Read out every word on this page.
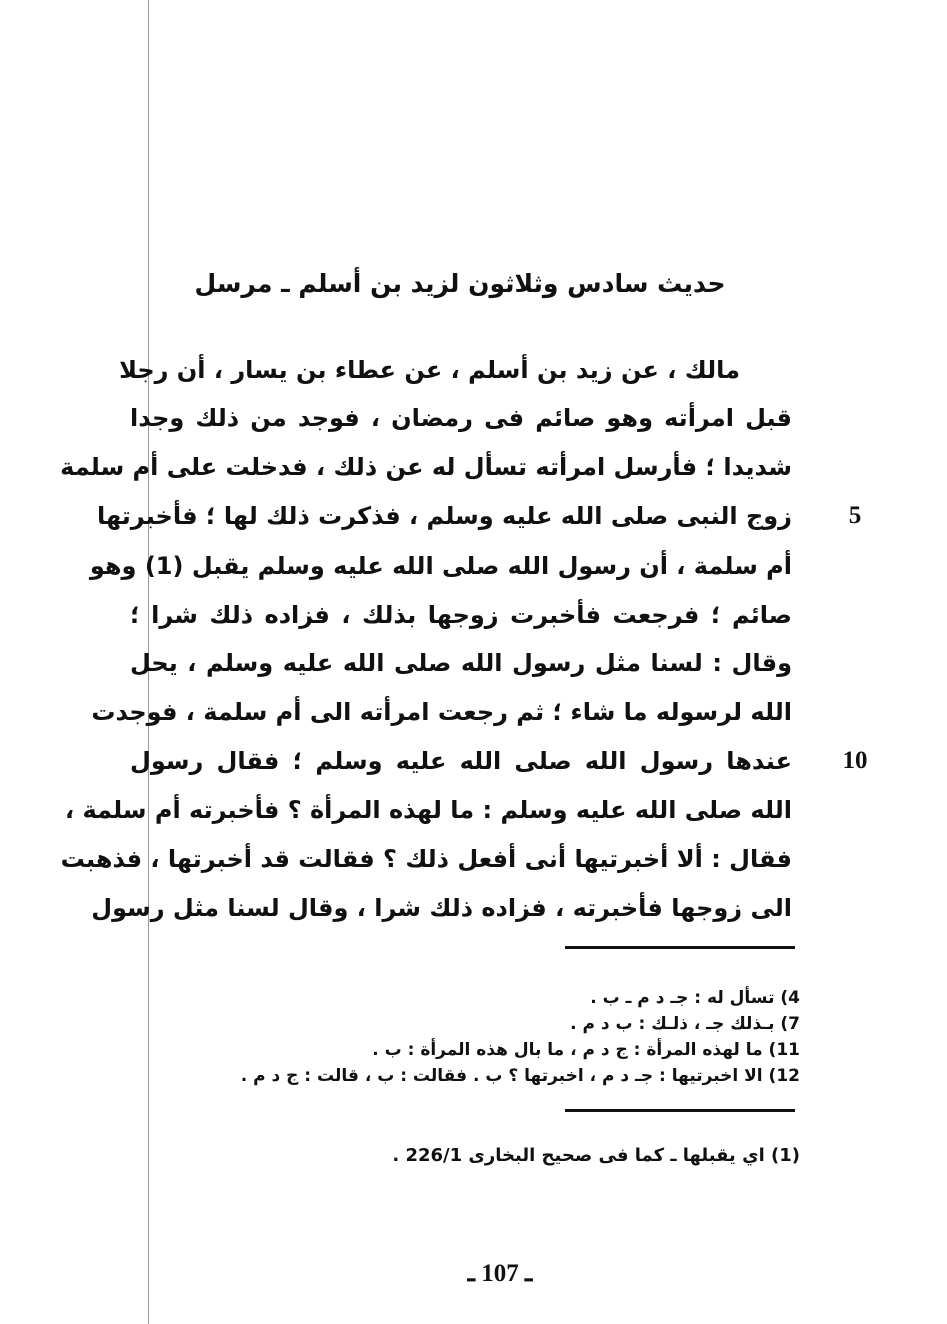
حديث سادس وثلاثون لزيد بن أسلم ـ مرسل
مالك ، عن زيد بن أسلم ، عن عطاء بن يسار ، أن رجلا
قبل امرأته وهو صائم فى رمضان ، فوجد من ذلك وجدا
شديدا ؛ فأرسل امرأته تسأل له عن ذلك ، فدخلت على أم سلمة
زوج النبى صلى الله عليه وسلم ، فذكرت ذلك لها ؛ فأخبرتها
أم سلمة ، أن رسول الله صلى الله عليه وسلم يقبل (1) وهو
صائم ؛ فرجعت فأخبرت زوجها بذلك ، فزاده ذلك شرا ؛
وقال : لسنا مثل رسول الله صلى الله عليه وسلم ، يحل
الله لرسوله ما شاء ؛ ثم رجعت امرأته الى أم سلمة ، فوجدت
عندها رسول الله صلى الله عليه وسلم ؛ فقال رسول
الله صلى الله عليه وسلم : ما لهذه المرأة ؟ فأخبرته أم سلمة ،
فقال : ألا أخبرتيها أنى أفعل ذلك ؟ فقالت قد أخبرتها ، فذهبت
الى زوجها فأخبرته ، فزاده ذلك شرا ، وقال لسنا مثل رسول
5
10
4) تسأل له : جـ د م ـ ب .
7) بـذلك جـ ، ذلـك : ب د م .
11) ما لهذه المرأة : ج د م ، ما بال هذه المرأة : ب .
12) الا اخبرتيها : جـ د م ، اخبرتها ؟ ب . فقالت : ب ، قالت : ج د م .
(1) اي يقبلها ـ كما فى صحيح البخارى 226/1 .
ـ 107 ـ
